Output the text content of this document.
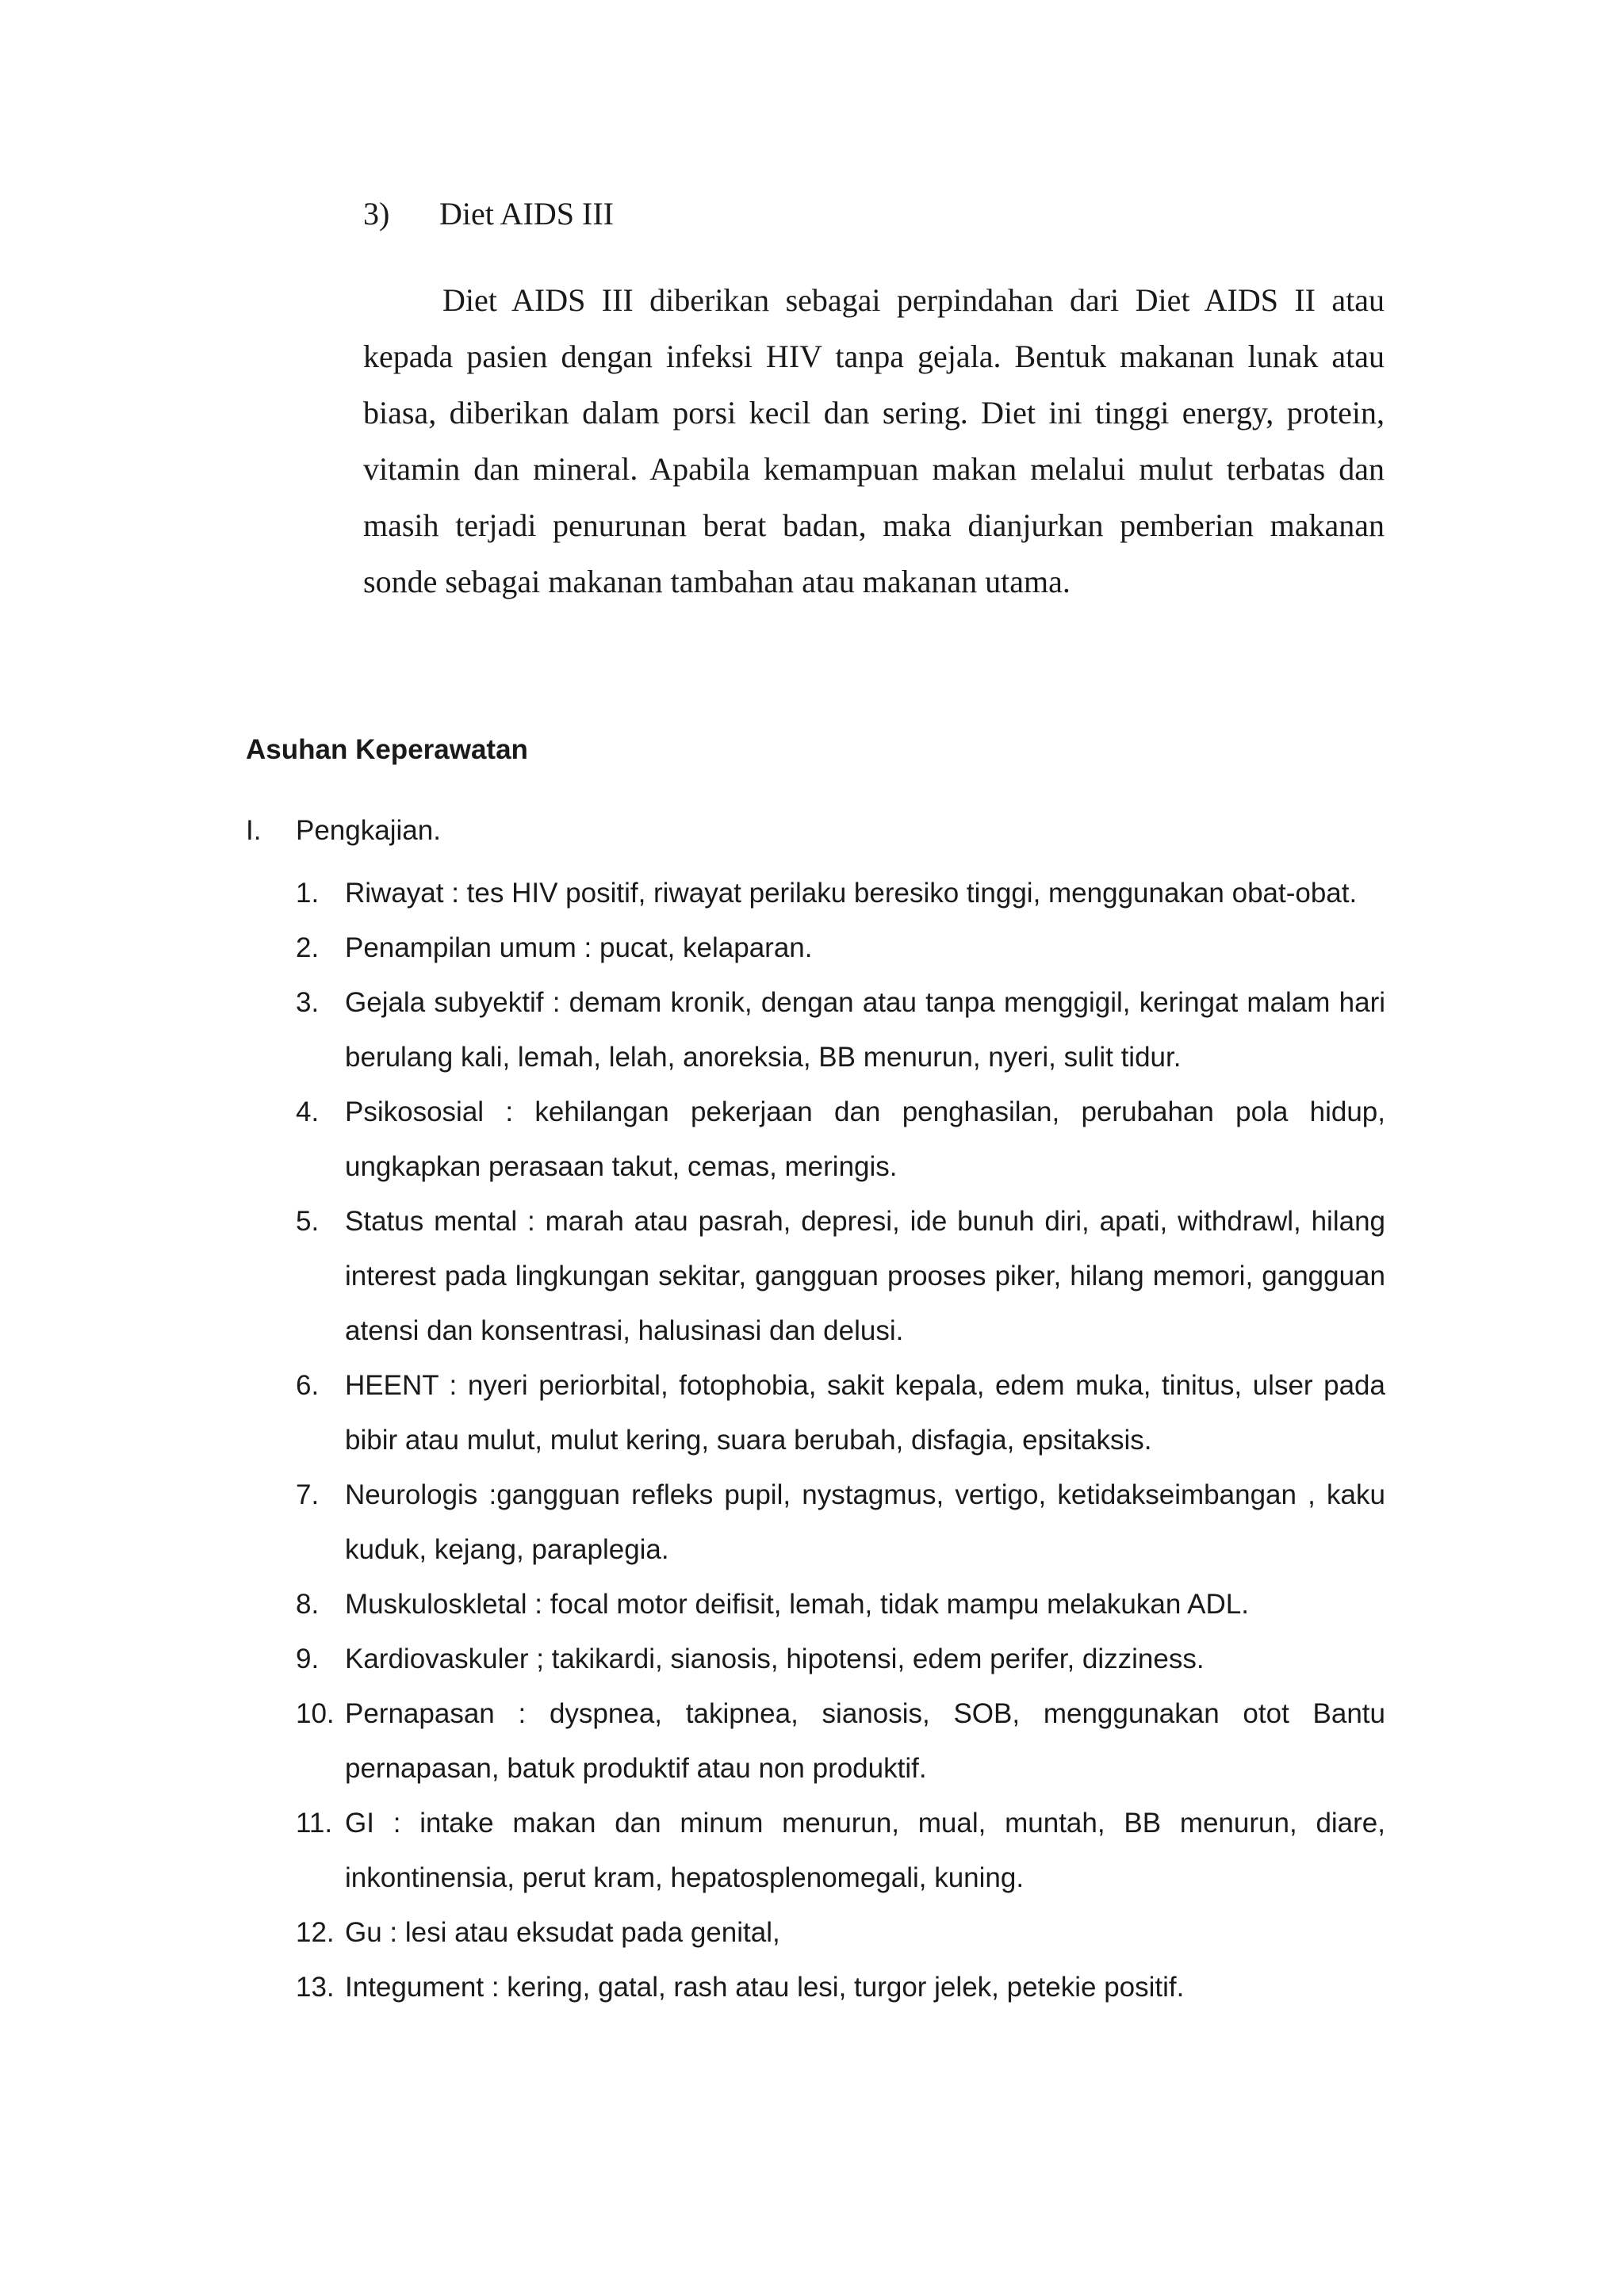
3) Diet AIDS III
Diet AIDS III diberikan sebagai perpindahan dari Diet AIDS II atau
kepada pasien dengan infeksi HIV tanpa gejala. Bentuk makanan lunak atau
biasa, diberikan dalam porsi kecil dan sering. Diet ini tinggi energy, protein,
vitamin dan mineral. Apabila kemampuan makan melalui mulut terbatas dan
masih terjadi penurunan berat badan, maka dianjurkan pemberian makanan
sonde sebagai makanan tambahan atau makanan utama.
Asuhan Keperawatan
I. Pengkajian.
1. Riwayat : tes HIV positif, riwayat perilaku beresiko tinggi, menggunakan obat-obat.
2. Penampilan umum : pucat, kelaparan.
3. Gejala subyektif : demam kronik, dengan atau tanpa menggigil, keringat malam hari
berulang kali, lemah, lelah, anoreksia, BB menurun, nyeri, sulit tidur.
4. Psikososial : kehilangan pekerjaan dan penghasilan, perubahan pola hidup,
ungkapkan perasaan takut, cemas, meringis.
5. Status mental : marah atau pasrah, depresi, ide bunuh diri, apati, withdrawl, hilang
interest pada lingkungan sekitar, gangguan prooses piker, hilang memori, gangguan
atensi dan konsentrasi, halusinasi dan delusi.
6. HEENT : nyeri periorbital, fotophobia, sakit kepala, edem muka, tinitus, ulser pada
bibir atau mulut, mulut kering, suara berubah, disfagia, epsitaksis.
7. Neurologis :gangguan refleks pupil, nystagmus, vertigo, ketidakseimbangan , kaku
kuduk, kejang, paraplegia.
8. Muskuloskletal : focal motor deifisit, lemah, tidak mampu melakukan ADL.
9. Kardiovaskuler ; takikardi, sianosis, hipotensi, edem perifer, dizziness.
10. Pernapasan : dyspnea, takipnea, sianosis, SOB, menggunakan otot Bantu
pernapasan, batuk produktif atau non produktif.
11. GI : intake makan dan minum menurun, mual, muntah, BB menurun, diare,
inkontinensia, perut kram, hepatosplenomegali, kuning.
12. Gu : lesi atau eksudat pada genital,
13. Integument : kering, gatal, rash atau lesi, turgor jelek, petekie positif.
